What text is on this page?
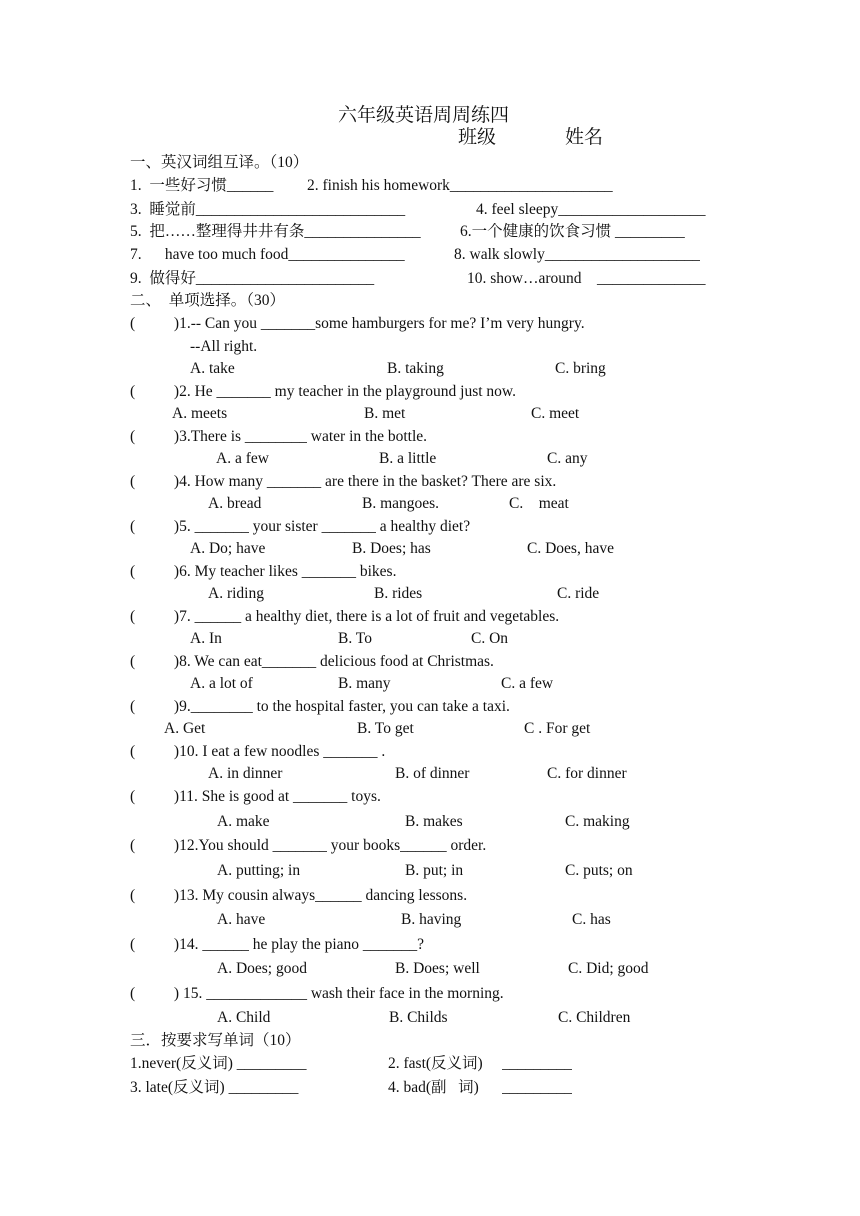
六年级英语周周练四
班级	姓名
一、英汉词组互译。（10）
1.  一些好习惯______ 2. finish his homework_____________________
3.  睡觉前___________________________	4. feel sleepy___________________
5.  把……整理得井井有条_______________	6.一个健康的饮食习惯 _________
7.      have too much food_______________	8. walk slowly____________________
9.  做得好_______________________	10. show…around    ______________
二、  单项选择。（30）
(          )1.-- Can you _______some hamburgers for me? I’m very hungry.
--All right.
A. take	B. taking	C. bring
(          )2. He _______ my teacher in the playground just now.
A. meets	B. met	C. meet
(          )3.There is ________ water in the bottle.
A. a few	B. a little	C. any
(          )4. How many _______ are there in the basket? There are six.
A. bread	B. mangoes.	C.    meat
(          )5. _______ your sister _______ a healthy diet?
A. Do; have	B. Does; has	C. Does, have
(          )6. My teacher likes _______ bikes.
A. riding	B. rides	C. ride
(          )7. ______ a healthy diet, there is a lot of fruit and vegetables.
A. In	B. To	C. On
(          )8. We can eat_______ delicious food at Christmas.
A. a lot of	B. many	C. a few
(          )9.________ to the hospital faster, you can take a taxi.
A. Get	B. To get	C . For get
(          )10. I eat a few noodles _______ .
A. in dinner	B. of dinner	C. for dinner
(          )11. She is good at _______ toys.
A. make	B. makes	C. making
(          )12.You should _______ your books______ order.
A. putting; in	B. put; in	C. puts; on
(          )13. My cousin always______ dancing lessons.
A. have	B. having	C. has
(          )14. ______ he play the piano _______?
A. Does; good	B. Does; well	C. Did; good
(          ) 15. _____________ wash their face in the morning.
A. Child	B. Childs	C. Children
三．按要求写单词（10）
1.never(反义词) _________	2. fast(反义词)     _________
3. late(反义词) _________	4. bad(副   词)      _________
